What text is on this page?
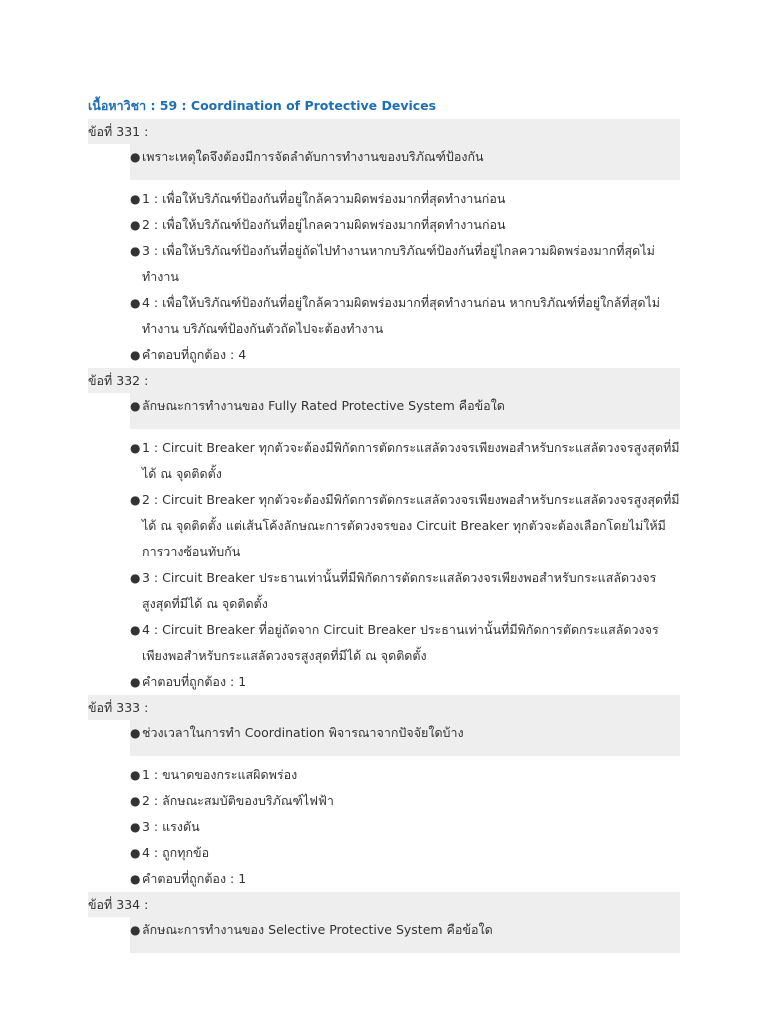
เนื้อหาวิชา : 59 : Coordination of Protective Devices
ข้อที่ 331 :
● เพราะเหตุใดจึงต้องมีการจัดลำดับการทำงานของบริภัณฑ์ป้องกัน
● 1 : เพื่อให้บริภัณฑ์ป้องกันที่อยู่ใกล้ความผิดพร่องมากที่สุดทำงานก่อน
● 2 : เพื่อให้บริภัณฑ์ป้องกันที่อยู่ไกลความผิดพร่องมากที่สุดทำงานก่อน
● 3 : เพื่อให้บริภัณฑ์ป้องกันที่อยู่ถัดไปทำงานหากบริภัณฑ์ป้องกันที่อยู่ไกลความผิดพร่องมากที่สุดไม่ทำงาน
● 4 : เพื่อให้บริภัณฑ์ป้องกันที่อยู่ใกล้ความผิดพร่องมากที่สุดทำงานก่อน หากบริภัณฑ์ที่อยู่ใกล้ที่สุดไม่ทำงาน บริภัณฑ์ป้องกันตัวถัดไปจะต้องทำงาน
● คำตอบที่ถูกต้อง : 4
ข้อที่ 332 :
● ลักษณะการทำงานของ Fully Rated Protective System คือข้อใด
● 1 : Circuit Breaker ทุกตัวจะต้องมีพิกัดการตัดกระแสลัดวงจรเพียงพอสำหรับกระแสลัดวงจรสูงสุดที่มีได้ ณ จุดติดตั้ง
● 2 : Circuit Breaker ทุกตัวจะต้องมีพิกัดการตัดกระแสลัดวงจรเพียงพอสำหรับกระแสลัดวงจรสูงสุดที่มีได้ ณ จุดติดตั้ง แต่เส้นโค้งลักษณะการตัดวงจรของ Circuit Breaker ทุกตัวจะต้องเลือกโดยไม่ให้มีการวางซ้อนทับกัน
● 3 : Circuit Breaker ประธานเท่านั้นที่มีพิกัดการตัดกระแสลัดวงจรเพียงพอสำหรับกระแสลัดวงจรสูงสุดที่มีได้ ณ จุดติดตั้ง
● 4 : Circuit Breaker ที่อยู่ถัดจาก Circuit Breaker ประธานเท่านั้นที่มีพิกัดการตัดกระแสลัดวงจรเพียงพอสำหรับกระแสลัดวงจรสูงสุดที่มีได้ ณ จุดติดตั้ง
● คำตอบที่ถูกต้อง : 1
ข้อที่ 333 :
● ช่วงเวลาในการทำ Coordination พิจารณาจากปัจจัยใดบ้าง
● 1 : ขนาดของกระแสผิดพร่อง
● 2 : ลักษณะสมบัติของบริภัณฑ์ไฟฟ้า
● 3 : แรงดัน
● 4 : ถูกทุกข้อ
● คำตอบที่ถูกต้อง : 1
ข้อที่ 334 :
● ลักษณะการทำงานของ Selective Protective System คือข้อใด
